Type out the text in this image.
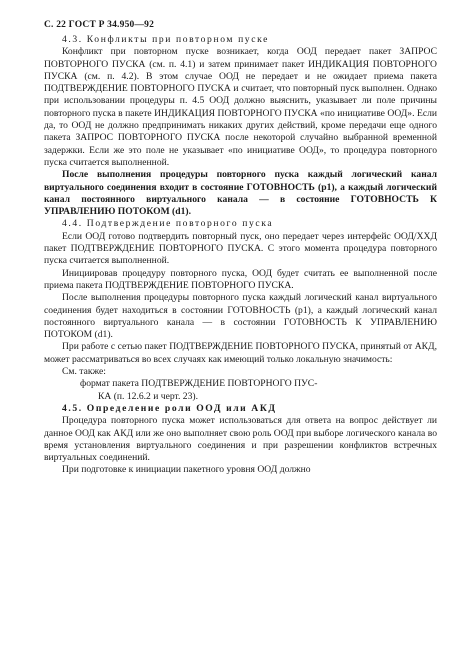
С. 22 ГОСТ Р 34.950—92
4.3. Конфликты при повторном пуске

Конфликт при повторном пуске возникает, когда ООД передает пакет ЗАПРОС ПОВТОРНОГО ПУСКА (см. п. 4.1) и затем принимает пакет ИНДИКАЦИЯ ПОВТОРНОГО ПУСКА (см. п. 4.2). В этом случае ООД не передает и не ожидает приема пакета ПОДТВЕРЖДЕНИЕ ПОВТОРНОГО ПУСКА и считает, что повторный пуск выполнен. Однако при использовании процедуры п. 4.5 ООД должно выяснить, указывает ли поле причины повторного пуска в пакете ИНДИКАЦИЯ ПОВТОРНОГО ПУСКА «по инициативе ООД». Если да, то ООД не должно предпринимать никаких других действий, кроме передачи еще одного пакета ЗАПРОС ПОВТОРНОГО ПУСКА после некоторой случайно выбранной временной задержки. Если же это поле не указывает «по инициативе ООД», то процедура повторного пуска считается выполненной.

После выполнения процедуры повторного пуска каждый логический канал виртуального соединения входит в состояние ГОТОВНОСТЬ (р1), а каждый логический канал постоянного виртуального канала — в состояние ГОТОВНОСТЬ К УПРАВЛЕНИЮ ПОТОКОМ (d1).

4.4. Подтверждение повторного пуска

Если ООД готово подтвердить повторный пуск, оно передает через интерфейс ООД/ХХД пакет ПОДТВЕРЖДЕНИЕ ПОВТОРНОГО ПУСКА. С этого момента процедура повторного пуска считается выполненной.

Инициировав процедуру повторного пуска, ООД будет считать ее выполненной после приема пакета ПОДТВЕРЖДЕНИЕ ПОВТОРНОГО ПУСКА.

После выполнения процедуры повторного пуска каждый логический канал виртуального соединения будет находиться в состоянии ГОТОВНОСТЬ (р1), а каждый логический канал постоянного виртуального канала — в состоянии ГОТОВНОСТЬ К УПРАВЛЕНИЮ ПОТОКОМ (d1).

При работе с сетью пакет ПОДТВЕРЖДЕНИЕ ПОВТОРНОГО ПУСКА, принятый от АКД, может рассматриваться во всех случаях как имеющий только локальную значимость:

См. также:

формат пакета ПОДТВЕРЖДЕНИЕ ПОВТОРНОГО ПУС-
КА (п. 12.6.2 и черт. 23).

4.5. Определение роли ООД или АКД

Процедура повторного пуска может использоваться для ответа на вопрос действует ли данное ООД как АКД или же оно выполняет свою роль ООД при выборе логического канала во время установления виртуального соединения и при разрешении конфликтов встречных виртуальных соединений.

При подготовке к инициации пакетного уровня ООД должно
